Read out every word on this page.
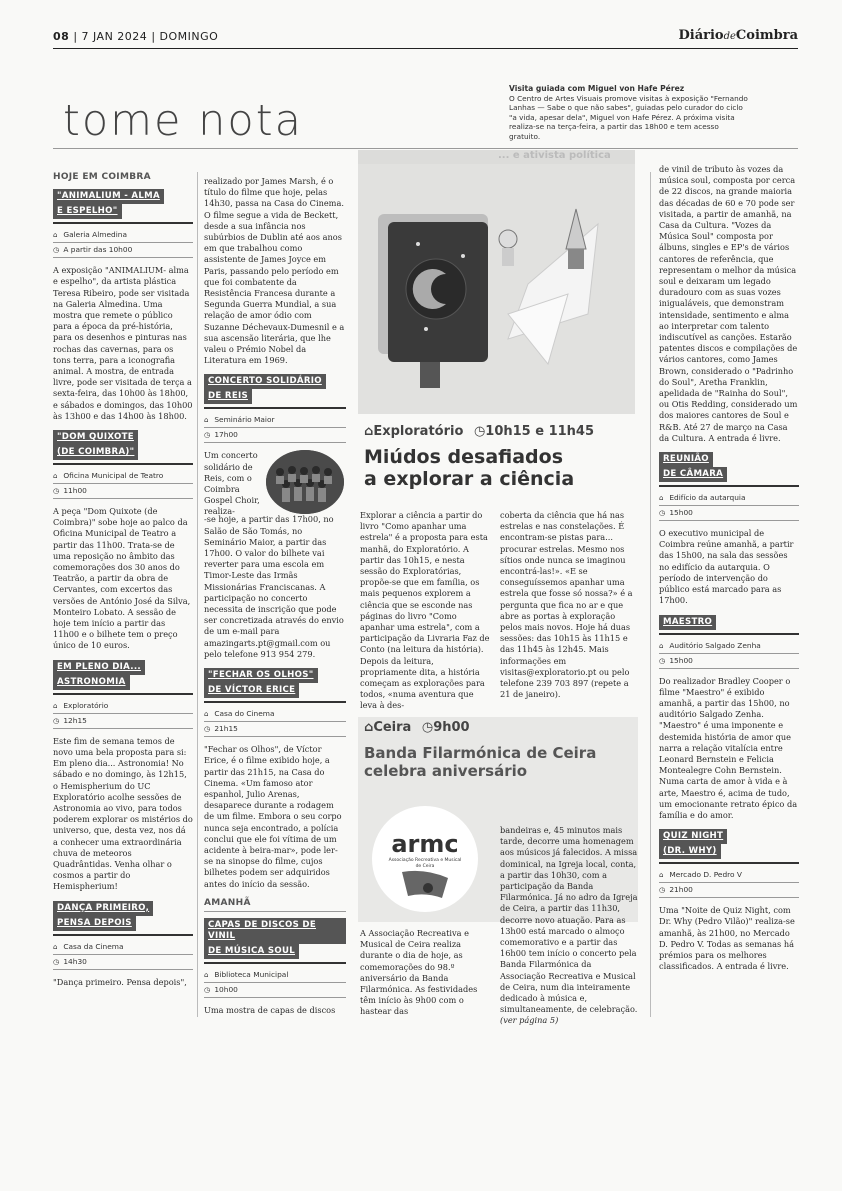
08 | 7 JAN 2024 | DOMINGO	DiáriodeCoimbra
tome nota
Visita guiada com Miguel von Hafe Pérez
O Centro de Artes Visuais promove visitas à exposição "Fernando Lanhas — Sabe o que não sabes", guiadas pelo curador do ciclo "a vida, apesar dela", Miguel von Hafe Pérez. A próxima visita realiza-se na terça-feira, a partir das 18h00 e tem acesso gratuito.
HOJE EM COIMBRA
"ANIMALIUM - ALMA
E ESPELHO"
⌂ Galeria Almedina
◷ A partir das 10h00

A exposição "ANIMALIUM- alma e espelho", da artista plástica Teresa Ribeiro, pode ser visitada na Galeria Almedina. Uma mostra que remete o público para a época da pré-história, para os desenhos e pinturas nas rochas das cavernas, para os tons terra, para a iconografia animal. A mostra, de entrada livre, pode ser visitada de terça a sexta-feira, das 10h00 às 18h00, e sábados e domingos, das 10h00 às 13h00 e das 14h00 às 18h00.

"DOM QUIXOTE
(DE COIMBRA)"
⌂ Oficina Municipal de Teatro
◷ 11h00

A peça "Dom Quixote (de Coimbra)" sobe hoje ao palco da Oficina Municipal de Teatro a partir das 11h00. Trata-se de uma reposição no âmbito das comemorações dos 30 anos do Teatrão, a partir da obra de Cervantes, com excertos das versões de António José da Silva, Monteiro Lobato. A sessão de hoje tem início a partir das 11h00 e o bilhete tem o preço único de 10 euros.

EM PLENO DIA...
ASTRONOMIA
⌂ Exploratório
◷ 12h15

Este fim de semana temos de novo uma bela proposta para si: Em pleno dia... Astronomia! No sábado e no domingo, às 12h15, o Hemispherium do UC Exploratório acolhe sessões de Astronomia ao vivo, para todos poderem explorar os mistérios do universo, que, desta vez, nos dá a conhecer uma extraordinária chuva de meteoros Quadrântidas. Venha olhar o cosmos a partir do Hemispherium!

DANÇA PRIMEIRO,
PENSA DEPOIS
⌂ Casa da Cinema
◷ 14h30

"Dança primeiro. Pensa depois",

realizado por James Marsh, é o título do filme que hoje, pelas 14h30, passa na Casa do Cinema. O filme segue a vida de Beckett, desde a sua infância nos subúrbios de Dublin até aos anos em que trabalhou como assistente de James Joyce em Paris, passando pelo período em que foi combatente da Resistência Francesa durante a Segunda Guerra Mundial, a sua relação de amor ódio com Suzanne Déchevaux-Dumesnil e a sua ascensão literária, que lhe valeu o Prémio Nobel da Literatura em 1969.

CONCERTO SOLIDÁRIO
DE REIS
⌂ Seminário Maior
◷ 17h00

Um concerto solidário de Reis, com o Coimbra Gospel Choir, realiza-

-se hoje, a partir das 17h00, no Salão de São Tomás, no Seminário Maior, a partir das 17h00. O valor do bilhete vai reverter para uma escola em Timor-Leste das Irmãs Missionárias Franciscanas. A participação no concerto necessita de inscrição que pode ser concretizada através do envio de um e-mail para amazingarts.pt@gmail.com ou pelo telefone 913 954 279.

"FECHAR OS OLHOS"
DE VÍCTOR ERICE
⌂ Casa do Cinema
◷ 21h15

"Fechar os Olhos", de Víctor Erice, é o filme exibido hoje, a partir das 21h15, na Casa do Cinema. «Um famoso ator espanhol, Julio Arenas, desaparece durante a rodagem de um filme. Embora o seu corpo nunca seja encontrado, a polícia conclui que ele foi vítima de um acidente à beira-mar», pode ler-se na sinopse do filme, cujos bilhetes podem ser adquiridos antes do início da sessão.

AMANHÃ
CAPAS DE DISCOS DE VINIL
DE MÚSICA SOUL
⌂ Biblioteca Municipal
◷ 10h00

Uma mostra de capas de discos

... e ativista política
⌂Exploratório ◷10h15 e 11h45
Miúdos desafiados
a explorar a ciência

Explorar a ciência a partir do livro "Como apanhar uma estrela" é a proposta para esta manhã, do Exploratório. A partir das 10h15, e nesta sessão do Exploratórias, propõe-se que em família, os mais pequenos explorem a ciência que se esconde nas páginas do livro "Como apanhar uma estrela", com a participação da Livraria Faz de Conto (na leitura da história). Depois da leitura, propriamente dita, a história começam as explorações para todos, «numa aventura que leva à des-

coberta da ciência que há nas estrelas e nas constelações. É encontram-se pistas para... procurar estrelas. Mesmo nos sítios onde nunca se imaginou encontrá-las!». «E se conseguíssemos apanhar uma estrela que fosse só nossa?» é a pergunta que fica no ar e que abre as portas à exploração pelos mais novos. Hoje há duas sessões: das 10h15 às 11h15 e das 11h45 às 12h45. Mais informações em visitas@exploratorio.pt ou pelo telefone 239 703 897 (repete a 21 de janeiro).

⌂Ceira ◷9h00
Banda Filarmónica de Ceira
celebra aniversário
armc
Associação Recreativa e Musical de Ceira

A Associação Recreativa e Musical de Ceira realiza durante o dia de hoje, as comemorações do 98.º aniversário da Banda Filarmónica. As festividades têm início às 9h00 com o hastear das

bandeiras e, 45 minutos mais tarde, decorre uma homenagem aos músicos já falecidos. A missa dominical, na Igreja local, conta, a partir das 10h30, com a participação da Banda Filarmónica. Já no adro da Igreja de Ceira, a partir das 11h30, decorre novo atuação. Para as 13h00 está marcado o almoço comemorativo e a partir das 16h00 tem início o concerto pela Banda Filarmónica da Associação Recreativa e Musical de Ceira, num dia inteiramente dedicado à música e, simultaneamente, de celebração. (ver página 5)

de vinil de tributo às vozes da música soul, composta por cerca de 22 discos, na grande maioria das décadas de 60 e 70 pode ser visitada, a partir de amanhã, na Casa da Cultura. "Vozes da Música Soul" composta por álbuns, singles e EP's de vários cantores de referência, que representam o melhor da música soul e deixaram um legado duradouro com as suas vozes inigualáveis, que demonstram intensidade, sentimento e alma ao interpretar com talento indiscutível as canções. Estarão patentes discos e compilações de vários cantores, como James Brown, considerado o "Padrinho do Soul", Aretha Franklin, apelidada de "Rainha do Soul", ou Otis Redding, considerado um dos maiores cantores de Soul e R&B. Até 27 de março na Casa da Cultura. A entrada é livre.

REUNIÃO
DE CÂMARA
⌂ Edifício da autarquia
◷ 15h00

O executivo municipal de Coimbra reúne amanhã, a partir das 15h00, na sala das sessões no edifício da autarquia. O período de intervenção do público está marcado para as 17h00.

MAESTRO
⌂ Auditório Salgado Zenha
◷ 15h00

Do realizador Bradley Cooper o filme "Maestro" é exibido amanhã, a partir das 15h00, no auditório Salgado Zenha. "Maestro" é uma imponente e destemida história de amor que narra a relação vitalícia entre Leonard Bernstein e Felicia Montealegre Cohn Bernstein. Numa carta de amor à vida e à arte, Maestro é, acima de tudo, um emocionante retrato épico da família e do amor.

QUIZ NIGHT
(DR. WHY)
⌂ Mercado D. Pedro V
◷ 21h00

Uma "Noite de Quiz Night, com Dr. Why (Pedro Vilão)" realiza-se amanhã, às 21h00, no Mercado D. Pedro V. Todas as semanas há prémios para os melhores classificados. A entrada é livre.
